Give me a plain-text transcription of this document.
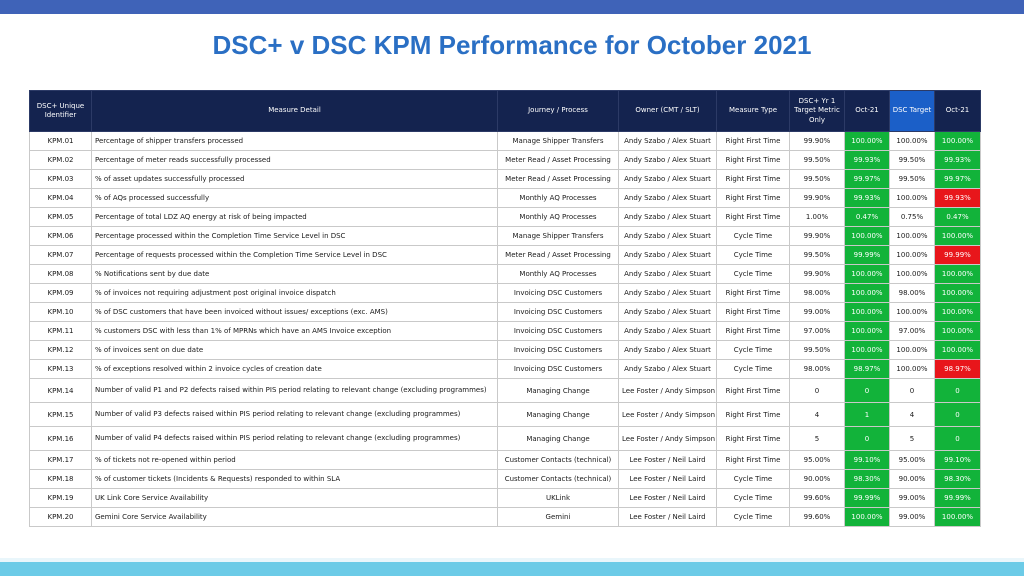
DSC+ v DSC KPM Performance for October 2021
DSC+ Unique Identifier	Measure Detail	Journey / Process	Owner (CMT / SLT)	Measure Type	DSC+ Yr 1 Target Metric Only	Oct-21	DSC Target	Oct-21
KPM.01	Percentage of shipper transfers processed	Manage Shipper Transfers	Andy Szabo / Alex Stuart	Right First Time	99.90%	100.00%	100.00%	100.00%
KPM.02	Percentage of meter reads successfully processed	Meter Read / Asset Processing	Andy Szabo / Alex Stuart	Right First Time	99.50%	99.93%	99.50%	99.93%
KPM.03	% of asset updates successfully processed	Meter Read / Asset Processing	Andy Szabo / Alex Stuart	Right First Time	99.50%	99.97%	99.50%	99.97%
KPM.04	% of AQs processed successfully	Monthly AQ Processes	Andy Szabo / Alex Stuart	Right First Time	99.90%	99.93%	100.00%	99.93%
KPM.05	Percentage of total LDZ AQ energy at risk of being impacted	Monthly AQ Processes	Andy Szabo / Alex Stuart	Right First Time	1.00%	0.47%	0.75%	0.47%
KPM.06	Percentage processed within the Completion Time Service Level in DSC	Manage Shipper Transfers	Andy Szabo / Alex Stuart	Cycle Time	99.90%	100.00%	100.00%	100.00%
KPM.07	Percentage of requests processed within the Completion Time Service Level in DSC	Meter Read / Asset Processing	Andy Szabo / Alex Stuart	Cycle Time	99.50%	99.99%	100.00%	99.99%
KPM.08	% Notifications sent by due date	Monthly AQ Processes	Andy Szabo / Alex Stuart	Cycle Time	99.90%	100.00%	100.00%	100.00%
KPM.09	% of invoices not requiring adjustment post original invoice dispatch	Invoicing DSC Customers	Andy Szabo / Alex Stuart	Right First Time	98.00%	100.00%	98.00%	100.00%
KPM.10	% of DSC customers that have been invoiced without issues/ exceptions (exc. AMS)	Invoicing DSC Customers	Andy Szabo / Alex Stuart	Right First Time	99.00%	100.00%	100.00%	100.00%
KPM.11	% customers DSC with less than 1% of MPRNs which have an AMS Invoice exception	Invoicing DSC Customers	Andy Szabo / Alex Stuart	Right First Time	97.00%	100.00%	97.00%	100.00%
KPM.12	% of invoices sent on due date	Invoicing DSC Customers	Andy Szabo / Alex Stuart	Cycle Time	99.50%	100.00%	100.00%	100.00%
KPM.13	% of exceptions resolved within 2 invoice cycles of creation date	Invoicing DSC Customers	Andy Szabo / Alex Stuart	Cycle Time	98.00%	98.97%	100.00%	98.97%
KPM.14	Number of valid P1 and P2 defects raised within PIS period relating to relevant change (excluding programmes)	Managing Change	Lee Foster / Andy Simpson	Right First Time	0	0	0	0
KPM.15	Number of valid P3 defects raised within PIS period relating to relevant change (excluding programmes)	Managing Change	Lee Foster / Andy Simpson	Right First Time	4	1	4	0
KPM.16	Number of valid P4 defects raised within PIS period relating to relevant change (excluding programmes)	Managing Change	Lee Foster / Andy Simpson	Right First Time	5	0	5	0
KPM.17	% of tickets not re-opened within period	Customer Contacts (technical)	Lee Foster / Neil Laird	Right First Time	95.00%	99.10%	95.00%	99.10%
KPM.18	% of customer tickets (Incidents & Requests) responded to within SLA	Customer Contacts (technical)	Lee Foster / Neil Laird	Cycle Time	90.00%	98.30%	90.00%	98.30%
KPM.19	UK Link Core Service Availability	UKLink	Lee Foster / Neil Laird	Cycle Time	99.60%	99.99%	99.00%	99.99%
KPM.20	Gemini Core Service Availability	Gemini	Lee Foster / Neil Laird	Cycle Time	99.60%	100.00%	99.00%	100.00%
